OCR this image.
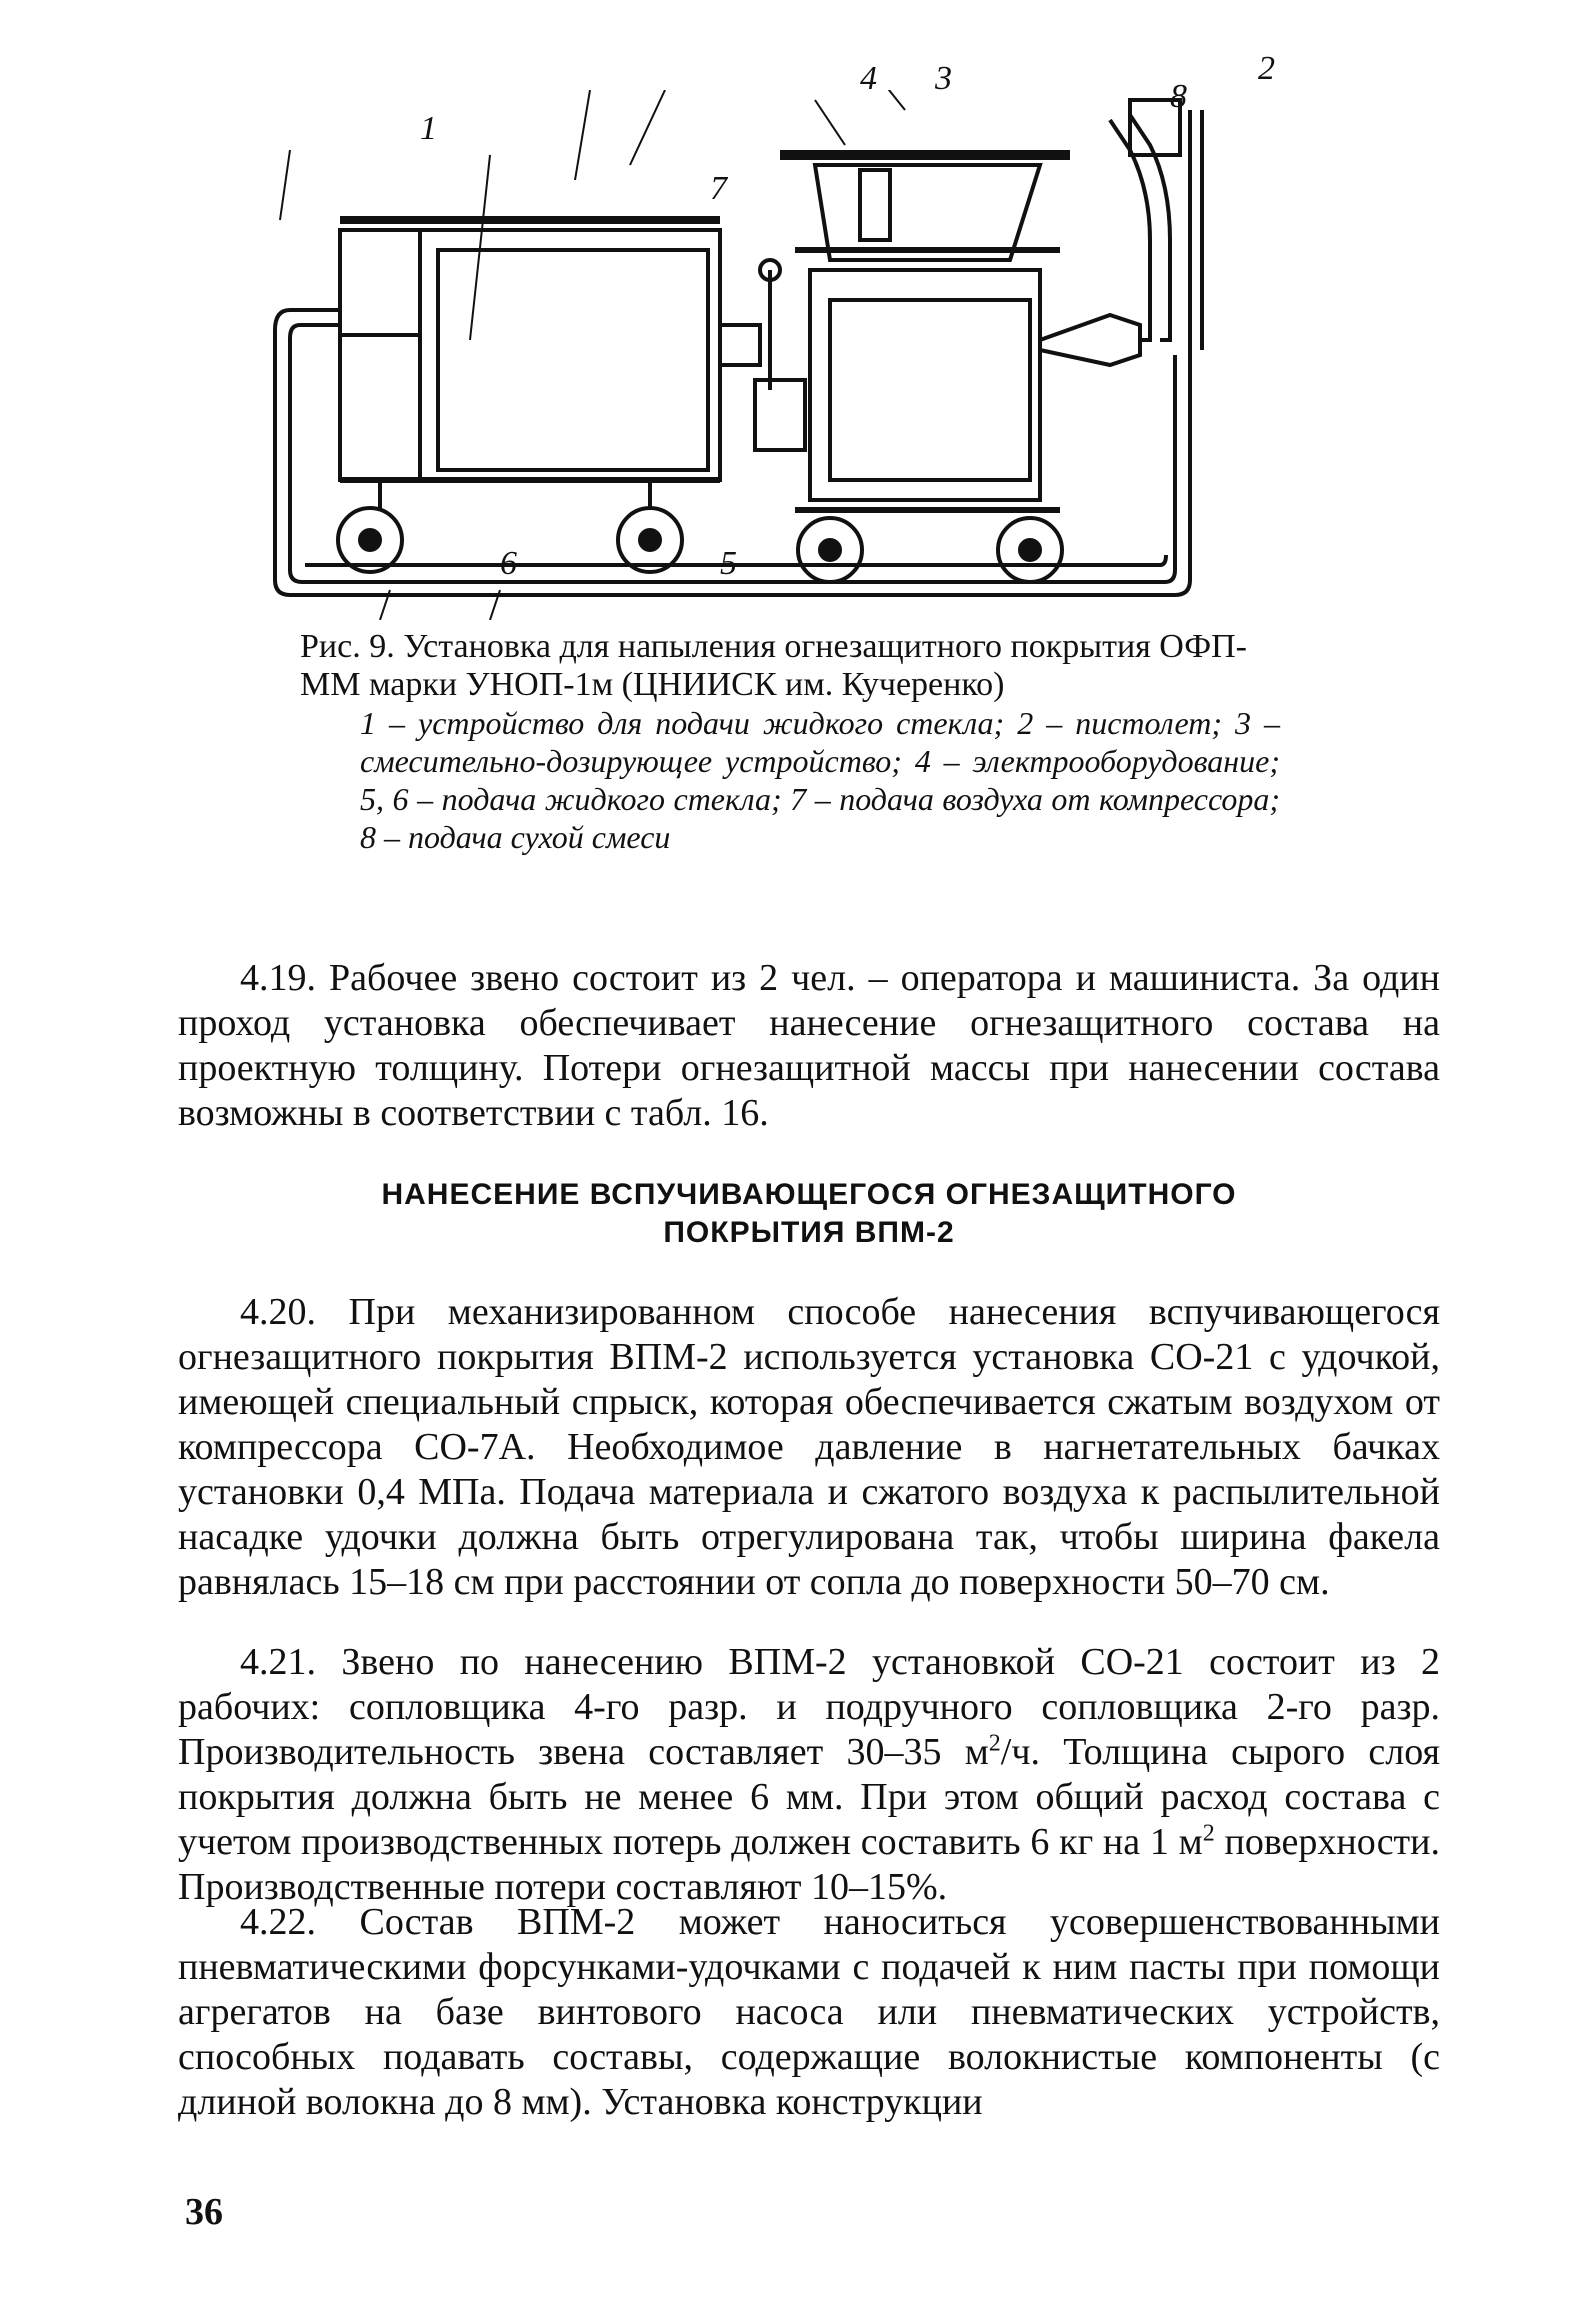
1
2
3
4
5
6
7
8

Рис. 9. Установка для напыления огнезащитного покрытия ОФП-ММ марки УНОП-1м (ЦНИИСК им. Кучеренко)

1 – устройство для подачи жидкого стекла; 2 – пистолет; 3 – смесительно-дозирующее устройство; 4 – электрооборудование; 5, 6 – подача жидкого стекла; 7 – подача воздуха от компрессора; 8 – подача сухой смеси

4.19. Рабочее звено состоит из 2 чел. – оператора и машиниста. За один проход установка обеспечивает нанесение огнезащитного состава на проектную толщину. Потери огнезащитной массы при нанесении состава возможны в соответствии с табл. 16.

НАНЕСЕНИЕ ВСПУЧИВАЮЩЕГОСЯ ОГНЕЗАЩИТНОГО
ПОКРЫТИЯ ВПМ-2

4.20. При механизированном способе нанесения вспучивающегося огнезащитного покрытия ВПМ-2 используется установка СО-21 с удочкой, имеющей специальный спрыск, которая обеспечивается сжатым воздухом от компрессора СО-7А. Необходимое давление в нагнетательных бачках установки 0,4 МПа. Подача материала и сжатого воздуха к распылительной насадке удочки должна быть отрегулирована так, чтобы ширина факела равнялась 15–18 см при расстоянии от сопла до поверхности 50–70 см.

4.21. Звено по нанесению ВПМ-2 установкой СО-21 состоит из 2 рабочих: сопловщика 4-го разр. и подручного сопловщика 2-го разр. Производительность звена составляет 30–35 $м^2/ч$. Толщина сырого слоя покрытия должна быть не менее 6 мм. При этом общий расход состава с учетом производственных потерь должен составить 6 кг на 1 $м^2$ поверхности. Производственные потери составляют 10–15%.

4.22. Состав ВПМ-2 может наноситься усовершенствованными пневматическими форсунками-удочками с подачей к ним пасты при помощи агрегатов на базе винтового насоса или пневматических устройств, способных подавать составы, содержащие волокнистые компоненты (с длиной волокна до 8 мм). Установка конструкции

36
